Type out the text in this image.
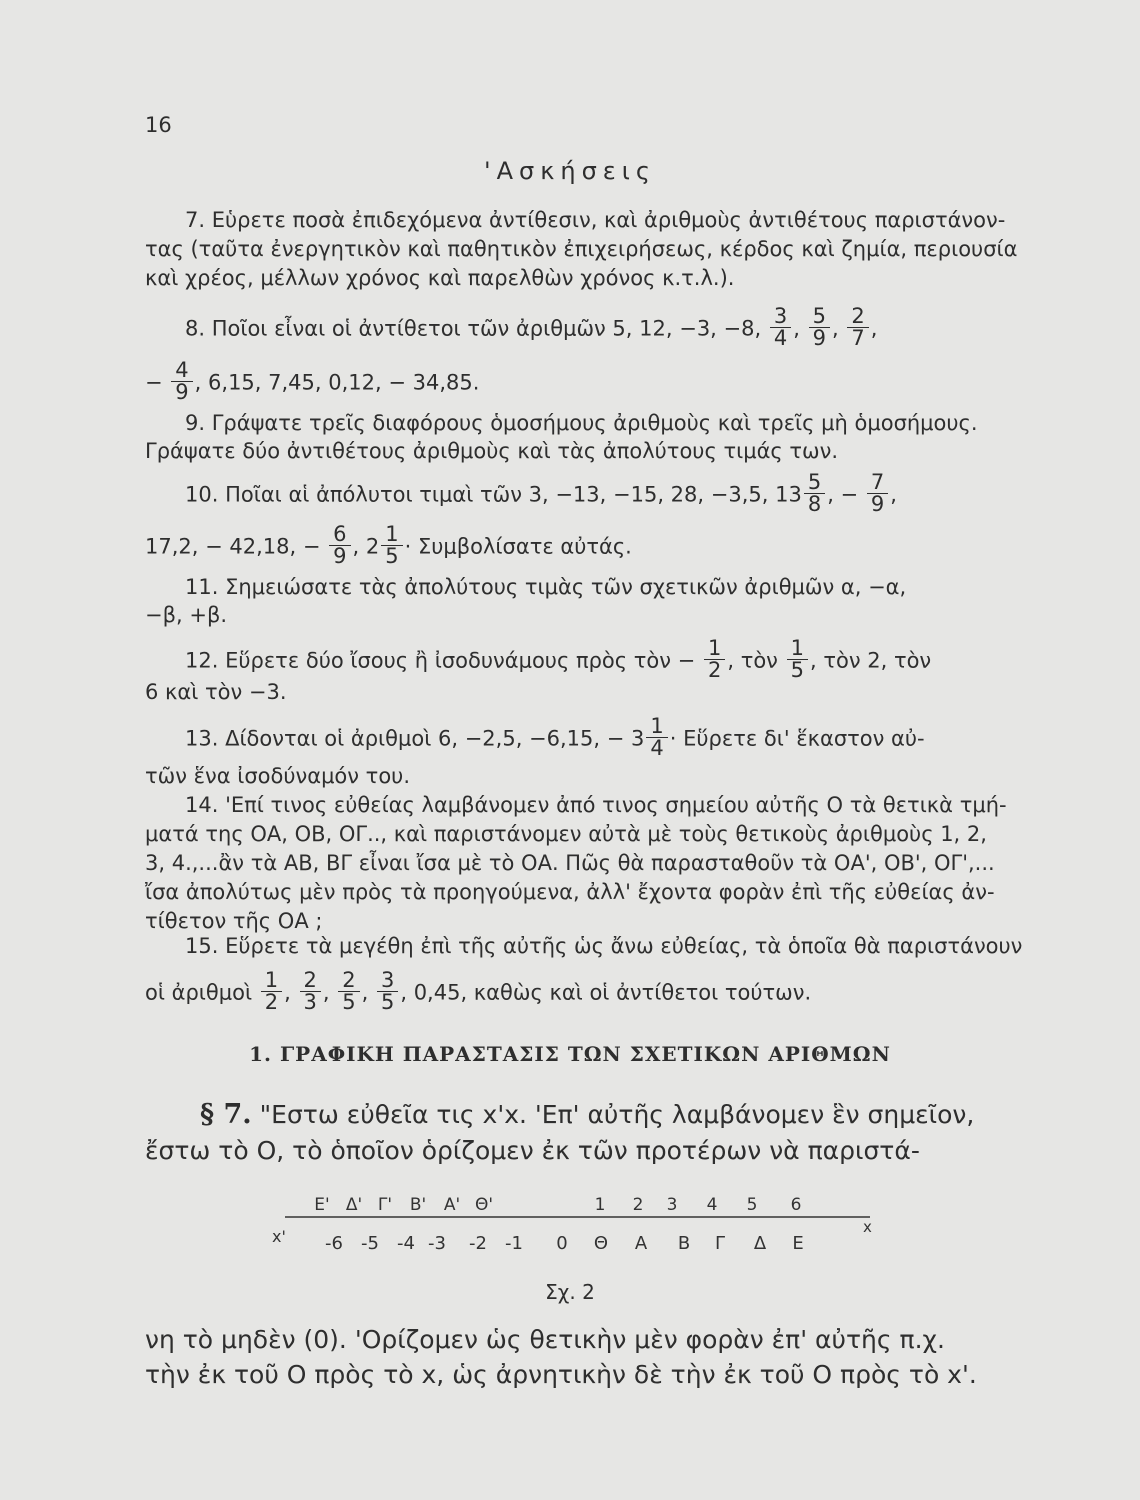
16
'Ασκήσεις
7. Εὑρετε ποσὰ ἐπιδεχόμενα ἀντίθεσιν, καὶ ἀριθμοὺς ἀντιθέτους παριστάνον-
τας (ταῦτα ἐνεργητικὸν καὶ παθητικὸν ἐπιχειρήσεως, κέρδος καὶ ζημία, περιουσία
καὶ χρέος, μέλλων χρόνος καὶ παρελθὼν χρόνος κ.τ.λ.).
8. Ποῖοι εἶναι οἱ ἀντίθετοι τῶν ἀριθμῶν 5, 12, −3, −8, $\frac{3}{4}$ , $\frac{5}{9}$ , $\frac{2}{7}$ ,
− $\frac{4}{9}$ , 6,15, 7,45, 0,12, − 34,85.
9. Γράψατε τρεῖς διαφόρους ὁμοσήμους ἀριθμοὺς καὶ τρεῖς μὴ ὁμοσήμους.
Γράψατε δύο ἀντιθέτους ἀριθμοὺς καὶ τὰς ἀπολύτους τιμάς των.
10. Ποῖαι αἱ ἀπόλυτοι τιμαὶ τῶν 3, −13, −15, 28, −3,5, $13 \frac{5}{8}$ , − $\frac{7}{9}$ ,
17,2, − 42,18, − $\frac{6}{9}$ , $2 \frac{1}{5} \cdot \Sigma\upsilon\mu\beta o\lambda ί\sigma\alpha\tau\varepsilon$ αὐτάς.
11. Σημειώσατε τὰς ἀπολύτους τιμὰς τῶν σχετικῶν ἀριθμῶν α, −α,
−β, +β.
12. Εὕρετε δύο ἴσους ἢ ἰσοδυνάμους πρὸς τὸν − $\frac{1}{2}$ , τὸν $\frac{1}{5}$ , τὸν 2, τὸν
6 καὶ τὸν −3.
13. Δίδονται οἱ ἀριθμοὶ 6, −2,5, −6,15, − $3 \frac{1}{4}$ · Εὕρετε δι' ἕκαστον αὐ-
τῶν ἕνα ἰσοδύναμόν του.
14. 'Επί τινος εὐθείας λαμβάνομεν ἀπό τινος σημείου αὐτῆς Ο τὰ θετικὰ τμή-
ματά της ΟΑ, ΟΒ, ΟΓ.., καὶ παριστάνομεν αὐτὰ μὲ τοὺς θετικοὺς ἀριθμοὺς 1, 2,
3, 4.,...ἂν τὰ ΑΒ, ΒΓ εἶναι ἴσα μὲ τὸ ΟΑ. Πῶς θὰ παρασταθοῦν τὰ ΟΑ', ΟΒ', ΟΓ',...
ἴσα ἀπολύτως μὲν πρὸς τὰ προηγούμενα, ἀλλ' ἔχοντα φορὰν ἐπὶ τῆς εὐθείας ἀν-
τίθετον τῆς ΟΑ ;
15. Εὕρετε τὰ μεγέθη ἐπὶ τῆς αὐτῆς ὡς ἄνω εὐθείας, τὰ ὁποῖα θὰ παριστάνουν
οἱ ἀριθμοὶ $\frac{1}{2}$ , $\frac{2}{3}$ , $\frac{2}{5}$ , $\frac{3}{5}$ , 0,45, καθὼς καὶ οἱ ἀντίθετοι τούτων.
1. ΓΡΑΦΙΚΗ ΠΑΡΑΣΤΑΣΙΣ ΤΩΝ ΣΧΕΤΙΚΩΝ ΑΡΙΘΜΩΝ
§ 7. "Εστω εὐθεῖα τις x'x. 'Επ' αὐτῆς λαμβάνομεν ἓν σημεῖον,
ἔστω τὸ Ο, τὸ ὁποῖον ὁρίζομεν ἐκ τῶν προτέρων νὰ παριστά-
Ε' Δ' Γ' Β' Α' Θ'	1 2 3 4 5 6
-6 -5 -4 -3 -2 -1 0 Θ Α Β Γ Δ Ε
x'	x
Σχ. 2
νη τὸ μηδὲν (0). 'Ορίζομεν ὡς θετικὴν μὲν φορὰν ἐπ' αὐτῆς π.χ.
τὴν ἐκ τοῦ Ο πρὸς τὸ x, ὡς ἀρνητικὴν δὲ τὴν ἐκ τοῦ Ο πρὸς τὸ x'.
